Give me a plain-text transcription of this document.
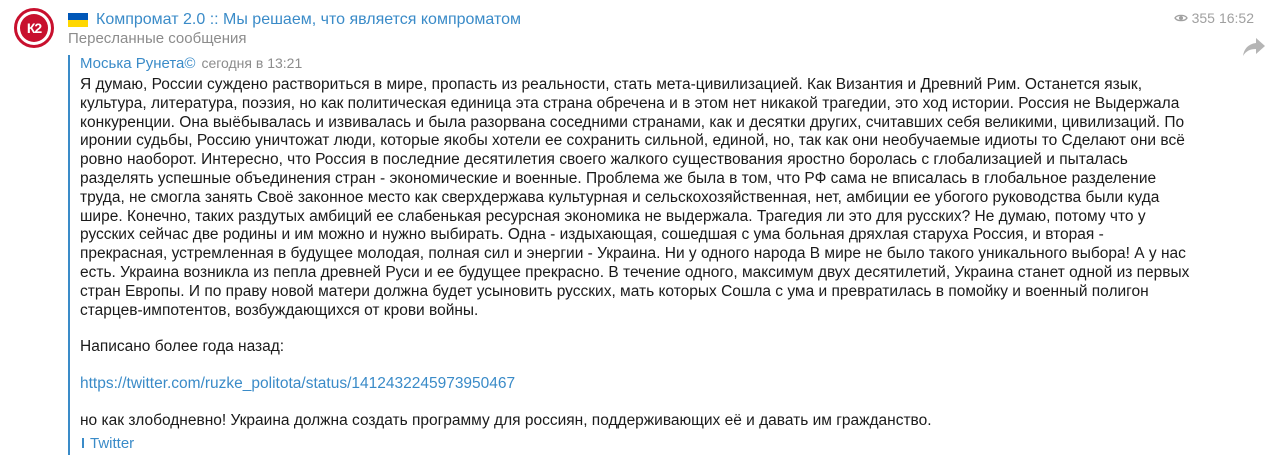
К2	Компромат 2.0 :: Мы решаем, что является компроматом	355 16:52
Пересланные сообщения
Моська Рунета© сегодня в 13:21
Я думаю, России суждено раствориться в мире, пропасть из реальности, стать мета-цивилизацией. Как Византия и Древний Рим. Останется язык, культура, литература, поэзия, но как политическая единица эта страна обречена и в этом нет никакой трагедии, это ход истории. Россия не Выдержала конкуренции. Она выёбывалась и извивалась и была разорвана соседними странами, как и десятки других, считавших себя великими, цивилизаций. По иронии судьбы, Россию уничтожат люди, которые якобы хотели ее сохранить сильной, единой, но, так как они необучаемые идиоты то Сделают они всё ровно наоборот. Интересно, что Россия в последние десятилетия своего жалкого существования яростно боролась с глобализацией и пыталась разделять успешные объединения стран - экономические и военные. Проблема же была в том, что РФ сама не вписалась в глобальное разделение труда, не смогла занять Своё законное место как сверхдержава культурная и сельскохозяйственная, нет, амбиции ее убогого руководства были куда шире. Конечно, таких раздутых амбиций ее слабенькая ресурсная экономика не выдержала. Трагедия ли это для русских? Не думаю, потому что у русских сейчас две родины и им можно и нужно выбирать. Одна - издыхающая, сошедшая с ума больная дряхлая старуха Россия, и вторая - прекрасная, устремленная в будущее молодая, полная сил и энергии - Украина. Ни у одного народа В мире не было такого уникального выбора! А у нас есть. Украина возникла из пепла древней Руси и ее будущее прекрасно. В течение одного, максимум двух десятилетий, Украина станет одной из первых стран Европы. И по праву новой матери должна будет усыновить русских, мать которых Сошла с ума и превратилась в помойку и военный полигон старцев-импотентов, возбуждающихся от крови войны.
Написано более года назад:
https://twitter.com/ruzke_politota/status/1412432245973950467
но как злободневно! Украина должна создать программу для россиян, поддерживающих её и давать им гражданство.
Twitter
